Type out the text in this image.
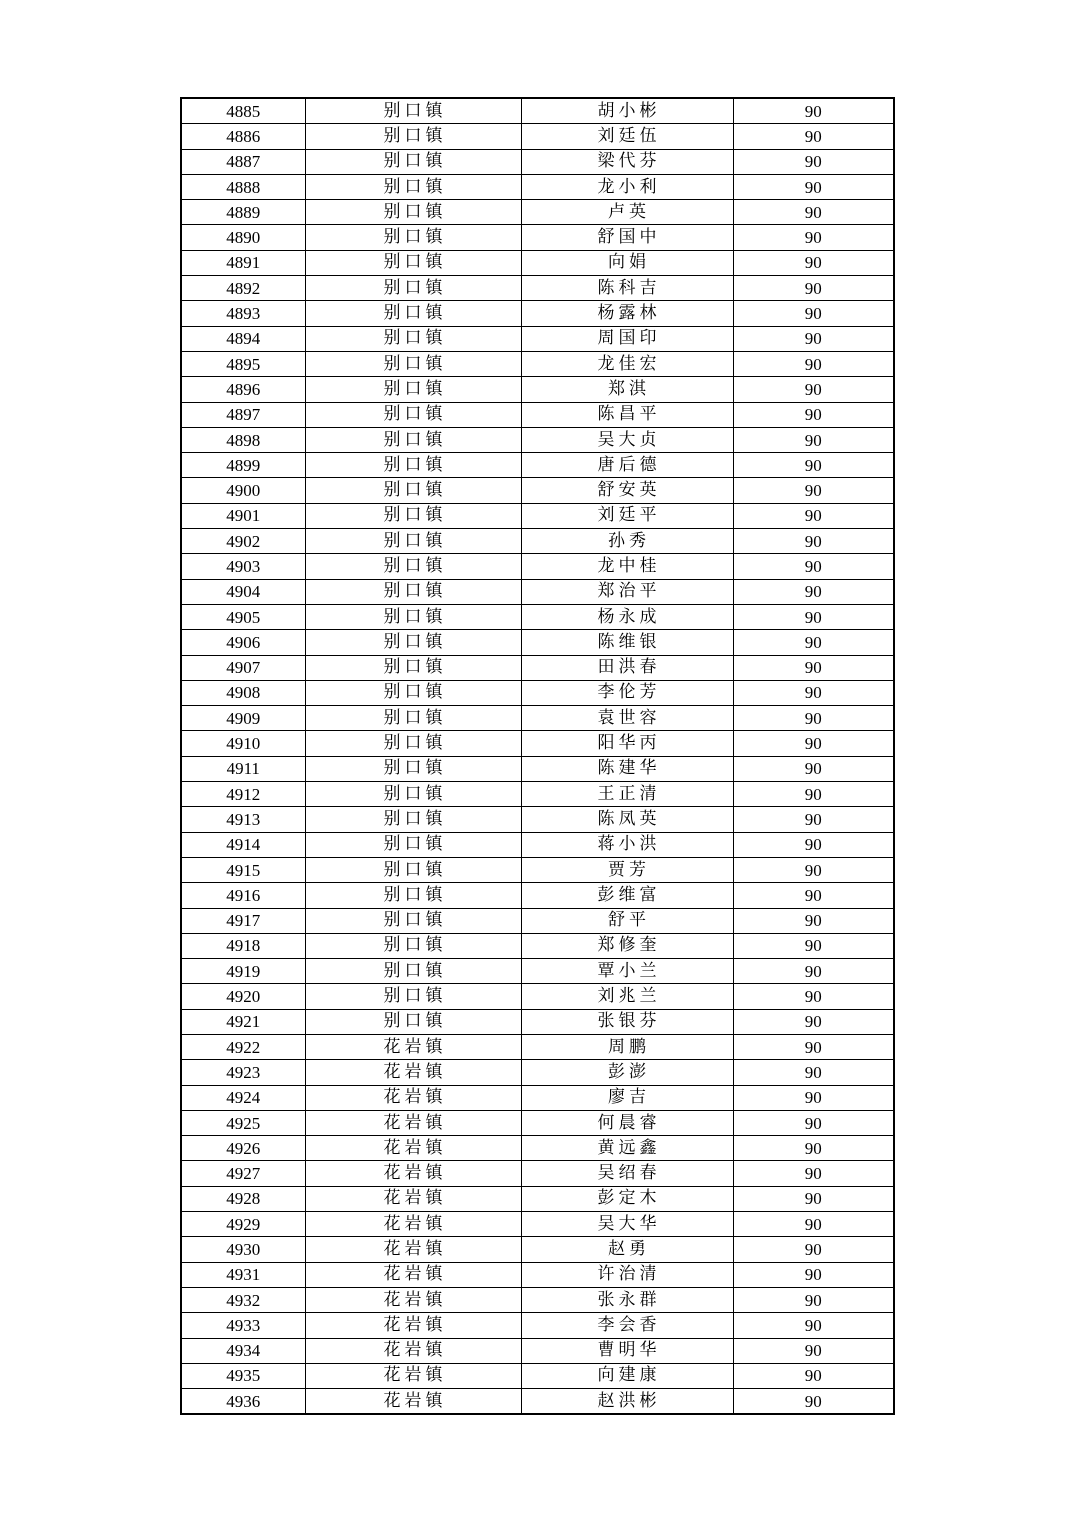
4885	别口镇	胡小彬	90
4886	别口镇	刘廷伍	90
4887	别口镇	梁代芬	90
4888	别口镇	龙小利	90
4889	别口镇	卢英	90
4890	别口镇	舒国中	90
4891	别口镇	向娟	90
4892	别口镇	陈科吉	90
4893	别口镇	杨露林	90
4894	别口镇	周国印	90
4895	别口镇	龙佳宏	90
4896	别口镇	郑淇	90
4897	别口镇	陈昌平	90
4898	别口镇	吴大贞	90
4899	别口镇	唐后德	90
4900	别口镇	舒安英	90
4901	别口镇	刘廷平	90
4902	别口镇	孙秀	90
4903	别口镇	龙中桂	90
4904	别口镇	郑治平	90
4905	别口镇	杨永成	90
4906	别口镇	陈维银	90
4907	别口镇	田洪春	90
4908	别口镇	李伦芳	90
4909	别口镇	袁世容	90
4910	别口镇	阳华丙	90
4911	别口镇	陈建华	90
4912	别口镇	王正清	90
4913	别口镇	陈凤英	90
4914	别口镇	蒋小洪	90
4915	别口镇	贾芳	90
4916	别口镇	彭维富	90
4917	别口镇	舒平	90
4918	别口镇	郑修奎	90
4919	别口镇	覃小兰	90
4920	别口镇	刘兆兰	90
4921	别口镇	张银芬	90
4922	花岩镇	周鹏	90
4923	花岩镇	彭澎	90
4924	花岩镇	廖吉	90
4925	花岩镇	何晨睿	90
4926	花岩镇	黄远鑫	90
4927	花岩镇	吴绍春	90
4928	花岩镇	彭定木	90
4929	花岩镇	吴大华	90
4930	花岩镇	赵勇	90
4931	花岩镇	许治清	90
4932	花岩镇	张永群	90
4933	花岩镇	李会香	90
4934	花岩镇	曹明华	90
4935	花岩镇	向建康	90
4936	花岩镇	赵洪彬	90
